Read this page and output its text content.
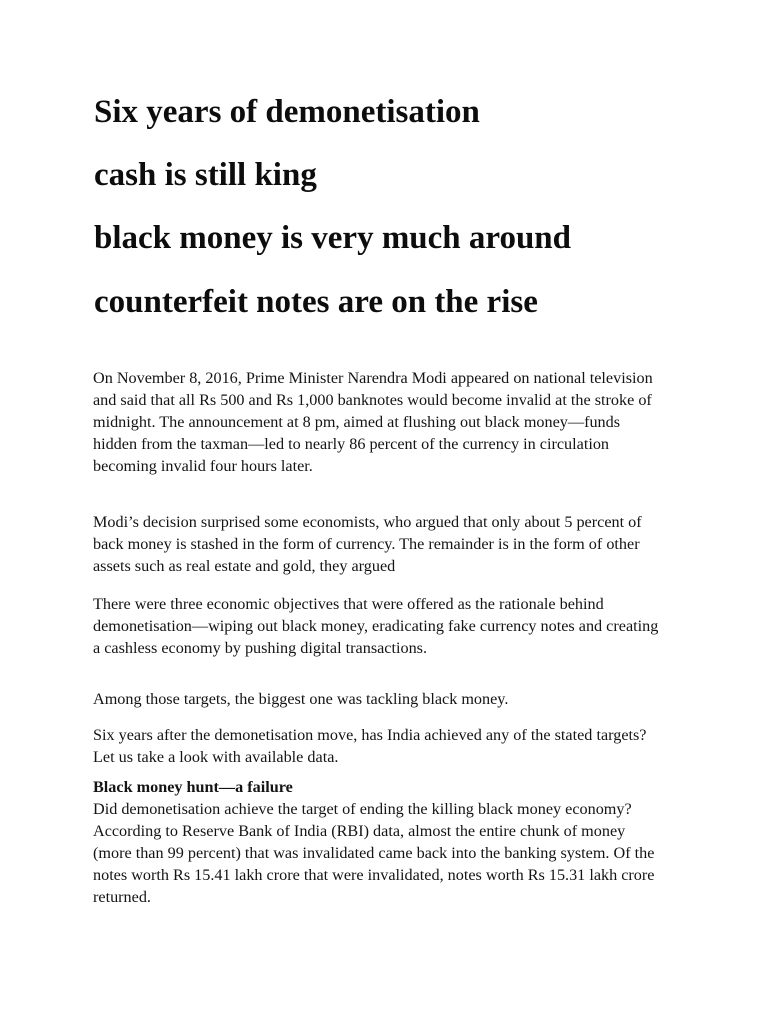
Six years of demonetisation
cash is still king
black money is very much around
counterfeit notes are on the rise

On November 8, 2016, Prime Minister Narendra Modi appeared on national television and said that all Rs 500 and Rs 1,000 banknotes would become invalid at the stroke of midnight. The announcement at 8 pm, aimed at flushing out black money—funds hidden from the taxman—led to nearly 86 percent of the currency in circulation becoming invalid four hours later.

Modi’s decision surprised some economists, who argued that only about 5 percent of back money is stashed in the form of currency. The remainder is in the form of other assets such as real estate and gold, they argued

There were three economic objectives that were offered as the rationale behind demonetisation—wiping out black money, eradicating fake currency notes and creating a cashless economy by pushing digital transactions.

Among those targets, the biggest one was tackling black money.

Six years after the demonetisation move, has India achieved any of the stated targets? Let us take a look with available data.

Black money hunt—a failure
Did demonetisation achieve the target of ending the killing black money economy? According to Reserve Bank of India (RBI) data, almost the entire chunk of money (more than 99 percent) that was invalidated came back into the banking system. Of the notes worth Rs 15.41 lakh crore that were invalidated, notes worth Rs 15.31 lakh crore returned.
